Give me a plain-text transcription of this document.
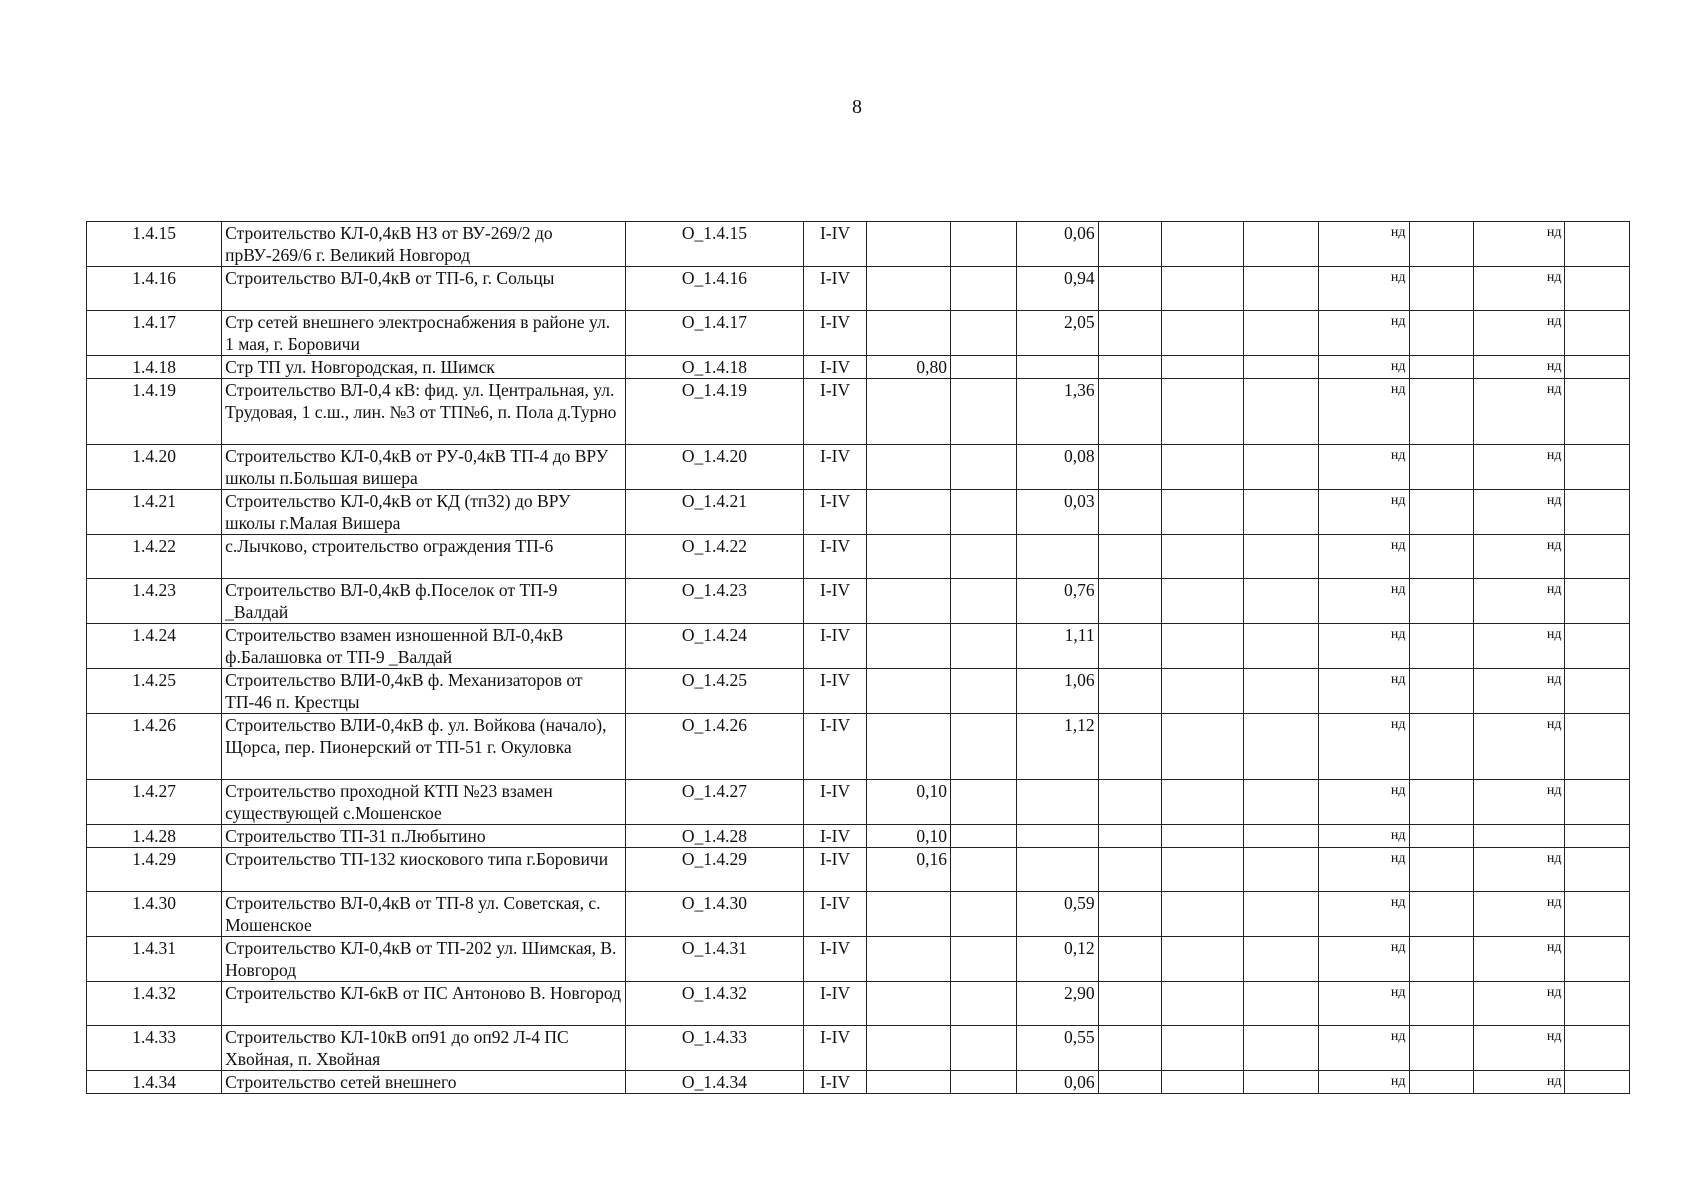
8
1.4.15	Строительство КЛ-0,4кВ НЗ от ВУ-269/2 до прВУ-269/6 г. Великий Новгород	О_1.4.15	I-IV			0,06				нд		нд	
1.4.16	Строительство ВЛ-0,4кВ от ТП-6, г. Сольцы	О_1.4.16	I-IV			0,94				нд		нд	
1.4.17	Стр сетей внешнего электроснабжения в районе ул. 1 мая, г. Боровичи	О_1.4.17	I-IV			2,05				нд		нд	
1.4.18	Стр ТП ул. Новгородская, п. Шимск	О_1.4.18	I-IV	0,80						нд		нд	
1.4.19	Строительство ВЛ-0,4 кВ: фид. ул. Центральная, ул. Трудовая, 1 с.ш., лин. №3 от ТП№6, п. Пола д.Турно	О_1.4.19	I-IV			1,36				нд		нд	
1.4.20	Строительство КЛ-0,4кВ от РУ-0,4кВ ТП-4 до ВРУ школы п.Большая вишера	О_1.4.20	I-IV			0,08				нд		нд	
1.4.21	Строительство КЛ-0,4кВ от КД (тп32) до ВРУ школы г.Малая Вишера	О_1.4.21	I-IV			0,03				нд		нд	
1.4.22	с.Лычково, строительство ограждения ТП-6	О_1.4.22	I-IV							нд		нд	
1.4.23	Строительство ВЛ-0,4кВ ф.Поселок от ТП-9 _Валдай	О_1.4.23	I-IV			0,76				нд		нд	
1.4.24	Строительство взамен изношенной ВЛ-0,4кВ ф.Балашовка от ТП-9 _Валдай	О_1.4.24	I-IV			1,11				нд		нд	
1.4.25	Строительство ВЛИ-0,4кВ ф. Механизаторов от ТП-46 п. Крестцы	О_1.4.25	I-IV			1,06				нд		нд	
1.4.26	Строительство ВЛИ-0,4кВ ф. ул. Войкова (начало), Щорса, пер. Пионерский от ТП-51 г. Окуловка	О_1.4.26	I-IV			1,12				нд		нд	
1.4.27	Строительство проходной КТП №23 взамен существующей с.Мошенское	О_1.4.27	I-IV	0,10						нд		нд	
1.4.28	Строительство ТП-31 п.Любытино	О_1.4.28	I-IV	0,10						нд			
1.4.29	Строительство ТП-132 киоскового типа г.Боровичи	О_1.4.29	I-IV	0,16						нд		нд	
1.4.30	Строительство ВЛ-0,4кВ от ТП-8 ул. Советская, с. Мошенское	О_1.4.30	I-IV			0,59				нд		нд	
1.4.31	Строительство КЛ-0,4кВ от ТП-202 ул. Шимская, В. Новгород	О_1.4.31	I-IV			0,12				нд		нд	
1.4.32	Строительство КЛ-6кВ от ПС Антоново В. Новгород	О_1.4.32	I-IV			2,90				нд		нд	
1.4.33	Строительство КЛ-10кВ оп91 до оп92 Л-4 ПС Хвойная, п. Хвойная	О_1.4.33	I-IV			0,55				нд		нд	
1.4.34	Строительство сетей внешнего	О_1.4.34	I-IV			0,06				нд		нд	
